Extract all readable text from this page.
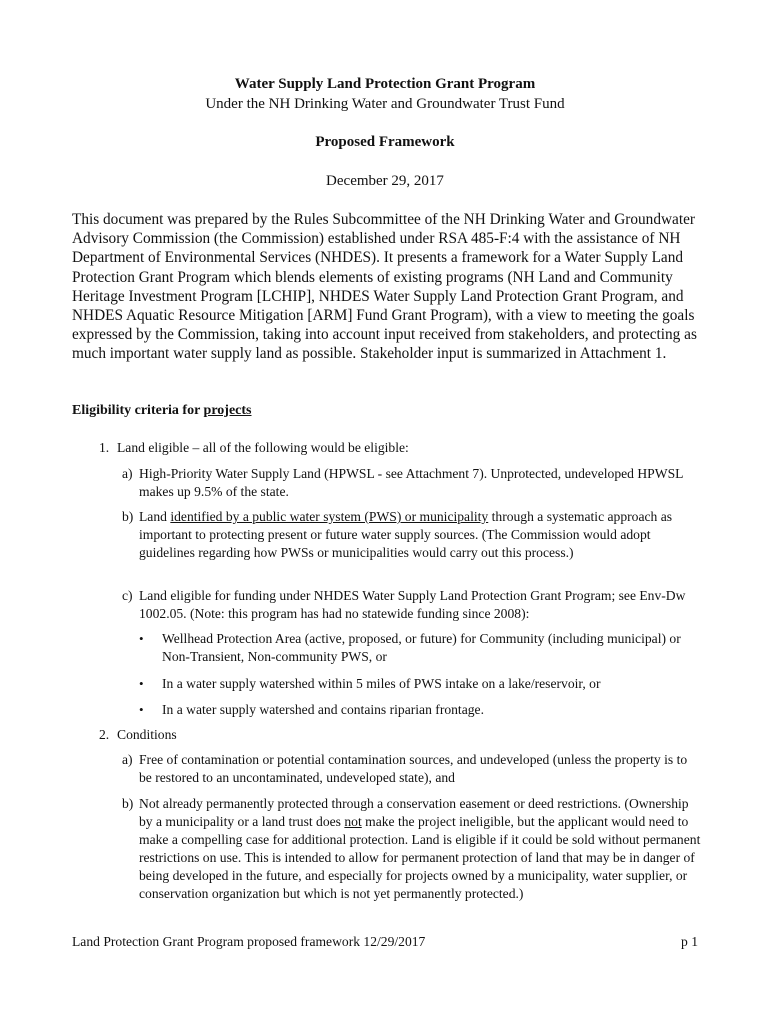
Water Supply Land Protection Grant Program

Under the NH Drinking Water and Groundwater Trust Fund

Proposed Framework

December 29, 2017

This document was prepared by the Rules Subcommittee of the NH Drinking Water and Groundwater Advisory Commission (the Commission) established under RSA 485-F:4 with the assistance of NH Department of Environmental Services (NHDES). It presents a framework for a Water Supply Land Protection Grant Program which blends elements of existing programs (NH Land and Community Heritage Investment Program [LCHIP], NHDES Water Supply Land Protection Grant Program, and NHDES Aquatic Resource Mitigation [ARM] Fund Grant Program), with a view to meeting the goals expressed by the Commission, taking into account input received from stakeholders, and protecting as much important water supply land as possible. Stakeholder input is summarized in Attachment 1.

Eligibility criteria for projects

1. Land eligible – all of the following would be eligible:

a) High-Priority Water Supply Land (HPWSL - see Attachment 7). Unprotected, undeveloped HPWSL makes up 9.5% of the state.
b) Land identified by a public water system (PWS) or municipality through a systematic approach as important to protecting present or future water supply sources. (The Commission would adopt guidelines regarding how PWSs or municipalities would carry out this process.)
c) Land eligible for funding under NHDES Water Supply Land Protection Grant Program; see Env-Dw 1002.05. (Note: this program has had no statewide funding since 2008):
• Wellhead Protection Area (active, proposed, or future) for Community (including municipal) or Non-Transient, Non-community PWS, or
• In a water supply watershed within 5 miles of PWS intake on a lake/reservoir, or
• In a water supply watershed and contains riparian frontage.

2. Conditions

a) Free of contamination or potential contamination sources, and undeveloped (unless the property is to be restored to an uncontaminated, undeveloped state), and
b) Not already permanently protected through a conservation easement or deed restrictions. (Ownership by a municipality or a land trust does not make the project ineligible, but the applicant would need to make a compelling case for additional protection. Land is eligible if it could be sold without permanent restrictions on use. This is intended to allow for permanent protection of land that may be in danger of being developed in the future, and especially for projects owned by a municipality, water supplier, or conservation organization but which is not yet permanently protected.)

Land Protection Grant Program proposed framework 12/29/2017	p 1
